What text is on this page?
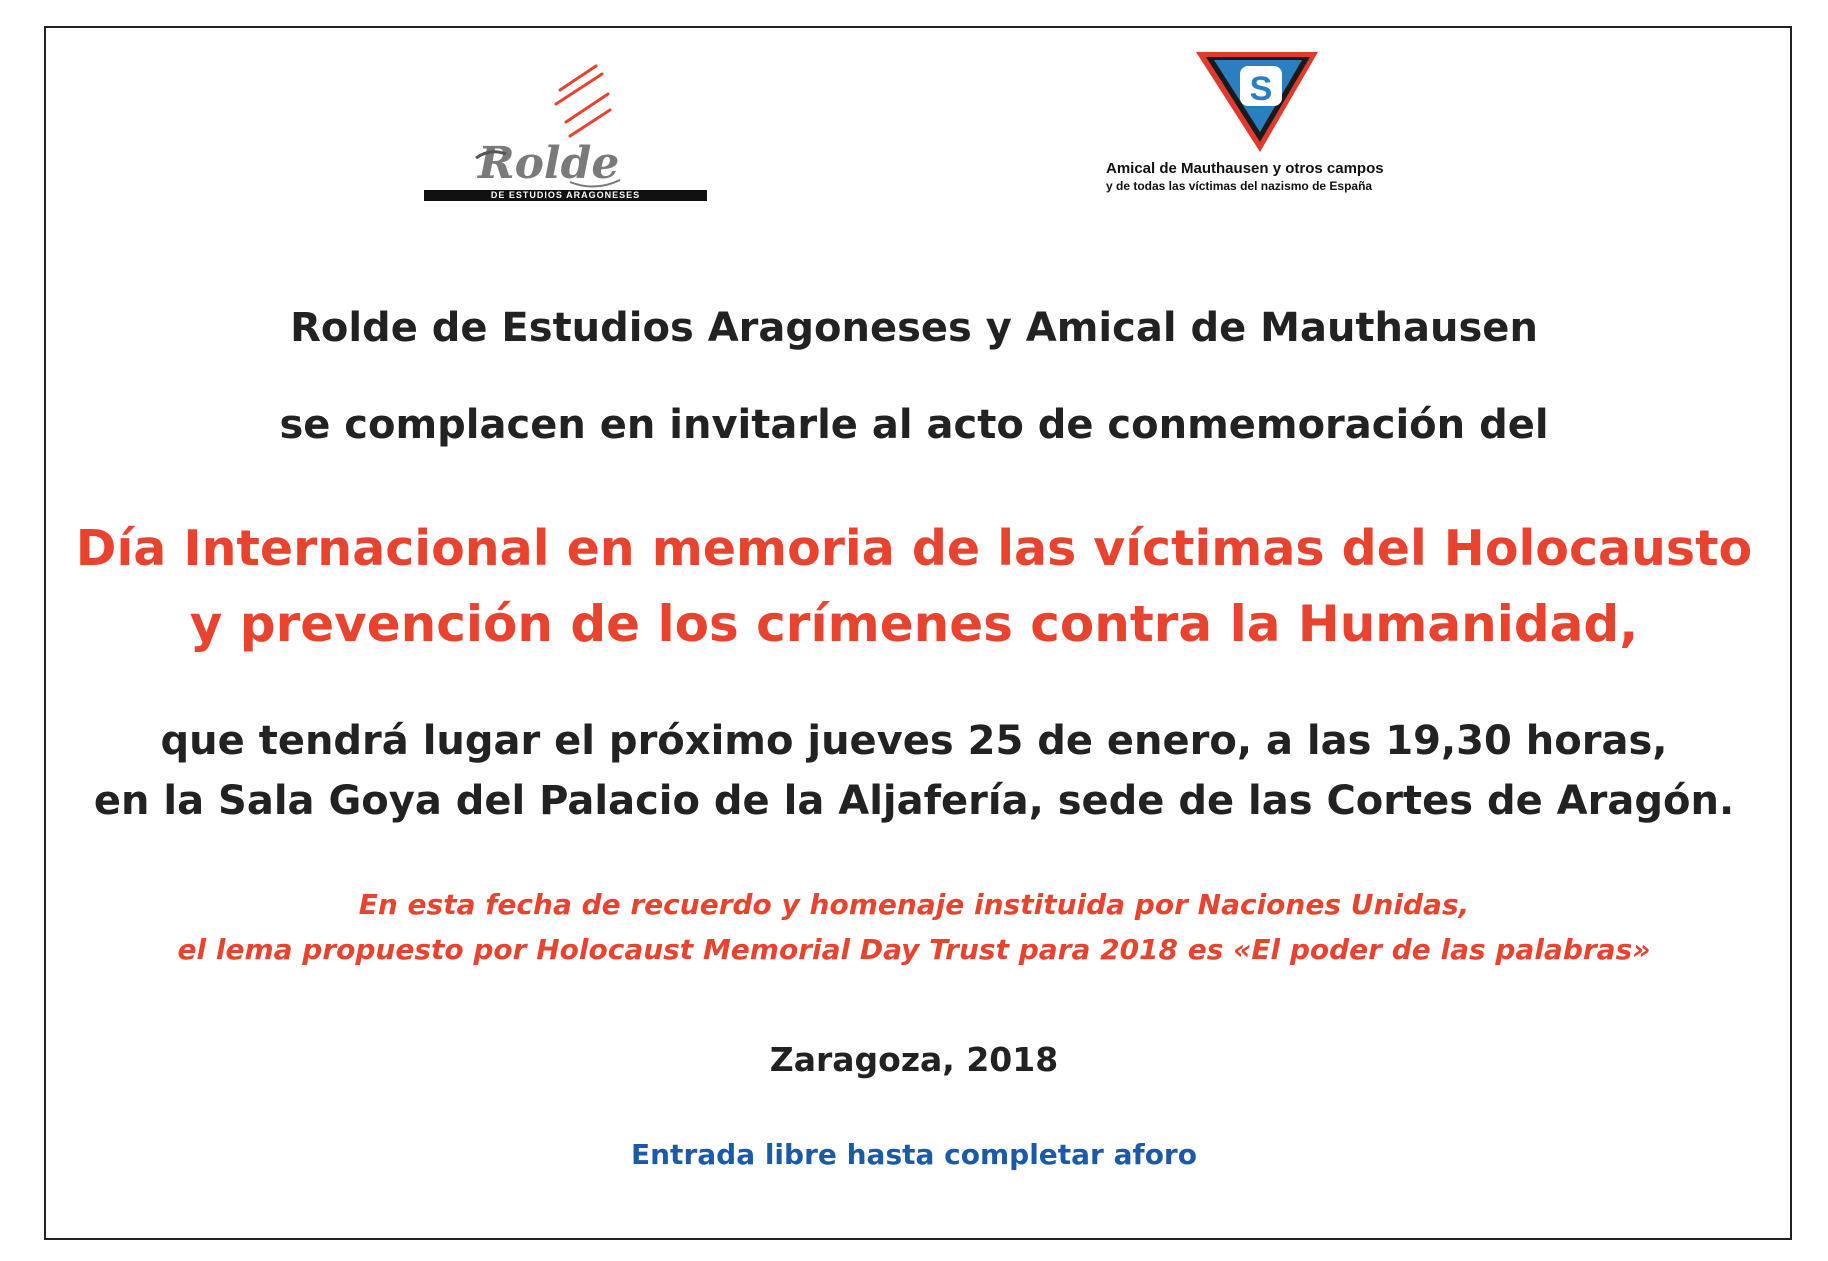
Rolde
DE ESTUDIOS ARAGONESES
S
Amical de Mauthausen y otros campos
y de todas las víctimas del nazismo de España
Rolde de Estudios Aragoneses y Amical de Mauthausen
se complacen en invitarle al acto de conmemoración del
Día Internacional en memoria de las víctimas del Holocausto
y prevención de los crímenes contra la Humanidad,
que tendrá lugar el próximo jueves 25 de enero, a las 19,30 horas,
en la Sala Goya del Palacio de la Aljafería, sede de las Cortes de Aragón.
En esta fecha de recuerdo y homenaje instituida por Naciones Unidas,
el lema propuesto por Holocaust Memorial Day Trust para 2018 es «El poder de las palabras»
Zaragoza, 2018
Entrada libre hasta completar aforo
